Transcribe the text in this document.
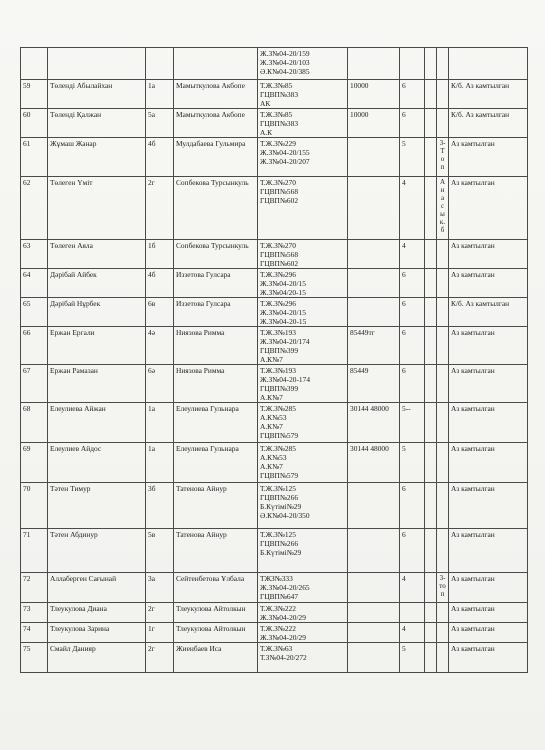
				Ж.З№04-20/159
Ж.З№04-20/103
Ә.К№04-20/385					

59	Төленді Абылайхан	1а	Мамыткулова Акбопе	Т.Ж.З№85
ГЦВП№383
АК	10000	6			К/б. Аз камтылган
60	Төленді Қалжан	5а	Мамыткулова Акбопе	Т.Ж.З№85
ГЦВП№383
А.К	10000	6			К/б. Аз камтылган
61	Жұмаш Жанар	4б	Мулдабаева Гульмира	Т.Ж.З№229
Ж.З№04-20/155
Ж.З№04-20/207		5		3-Т оп	Аз камтылган
62	Төлеген Үміт	2г	Сопбекова Турсынкуль	Т.Ж.З№270
ГЦВП№568
ГЦВП№602		4		А н а с ы к. б	Аз камтылган
63	Төлеген Аяла	1б	Сопбекова Турсынкуль	Т.Ж.З№270
ГЦВП№568
ГЦВП№602		4			Аз камтылган
64	Дәрібай Айбек	4б	Иззетова Гулсара	Т.Ж.З№296
Ж.З№04-20/15
Ж.З№04/20-15		6			Аз камтылган
65	Дәрібай Нұрбек	6в	Иззетова Гулсара	Т.Ж.З№296
Ж.З№04-20/15
Ж.З№04-20-15		6			К/б. Аз камтылган
66	Ержан Ергали	4ә	Ниязова Римма	Т.Ж.З№193
Ж.З№04-20/174
ГЦВП№399
А.К№7	85449тг	6			Аз камтылган
67	Ержан Рамазан	6ә	Ниязова Римма	Т.Ж.З№193
Ж.З№04-20-174
ГЦВП№399
А.К№7	85449	6			Аз камтылган
68	Елеулиева Айжан	1а	Елеулиева Гульнара	Т.Ж.З№285
А.К№53
А.К№7
ГЦВП№579	30144 48000	5--			Аз камтылган
69	Елеулиев Айдос	1а	Елеулиева Гульнара	Т.Ж.З№285
А.К№53
А.К№7
ГЦВП№579	30144 48000	5			Аз камтылган
70	Тәтен Тимур	3б	Татенова Айнур	Т.Ж.З№125
ГЦВП№266
Б.Күтімі№29
Ә.К№04-20/350		6			Аз камтылган
71	Тәтен Абдинур	5в	Татенова Айнур	Т.Ж.З№125
ГЦВП№266
Б.Күтімі№29		6			Аз камтылган
72	Аллаберген Сағынай	3а	Сейтенбетова Ұлбала	ТЖЗ№333
Ж.З№04-20/265
ГЦВП№647		4		3-то п	Аз камтылган
73	Тлеукулова Диана	2г	Тлеукулова Айтолкын	Т.Ж.З№222
Ж.З№04-20/29					Аз камтылган
74	Тлеукулова Зарина	1г	Тлеукулова Айтолкын	Т.Ж.З№222
Ж.З№04-20/29		4			Аз камтылган
75	Смайл Данияр	2г	Жиенбаев Иса	Т.Ж.З№63
Т.З№04-20/272		5			Аз камтылган
